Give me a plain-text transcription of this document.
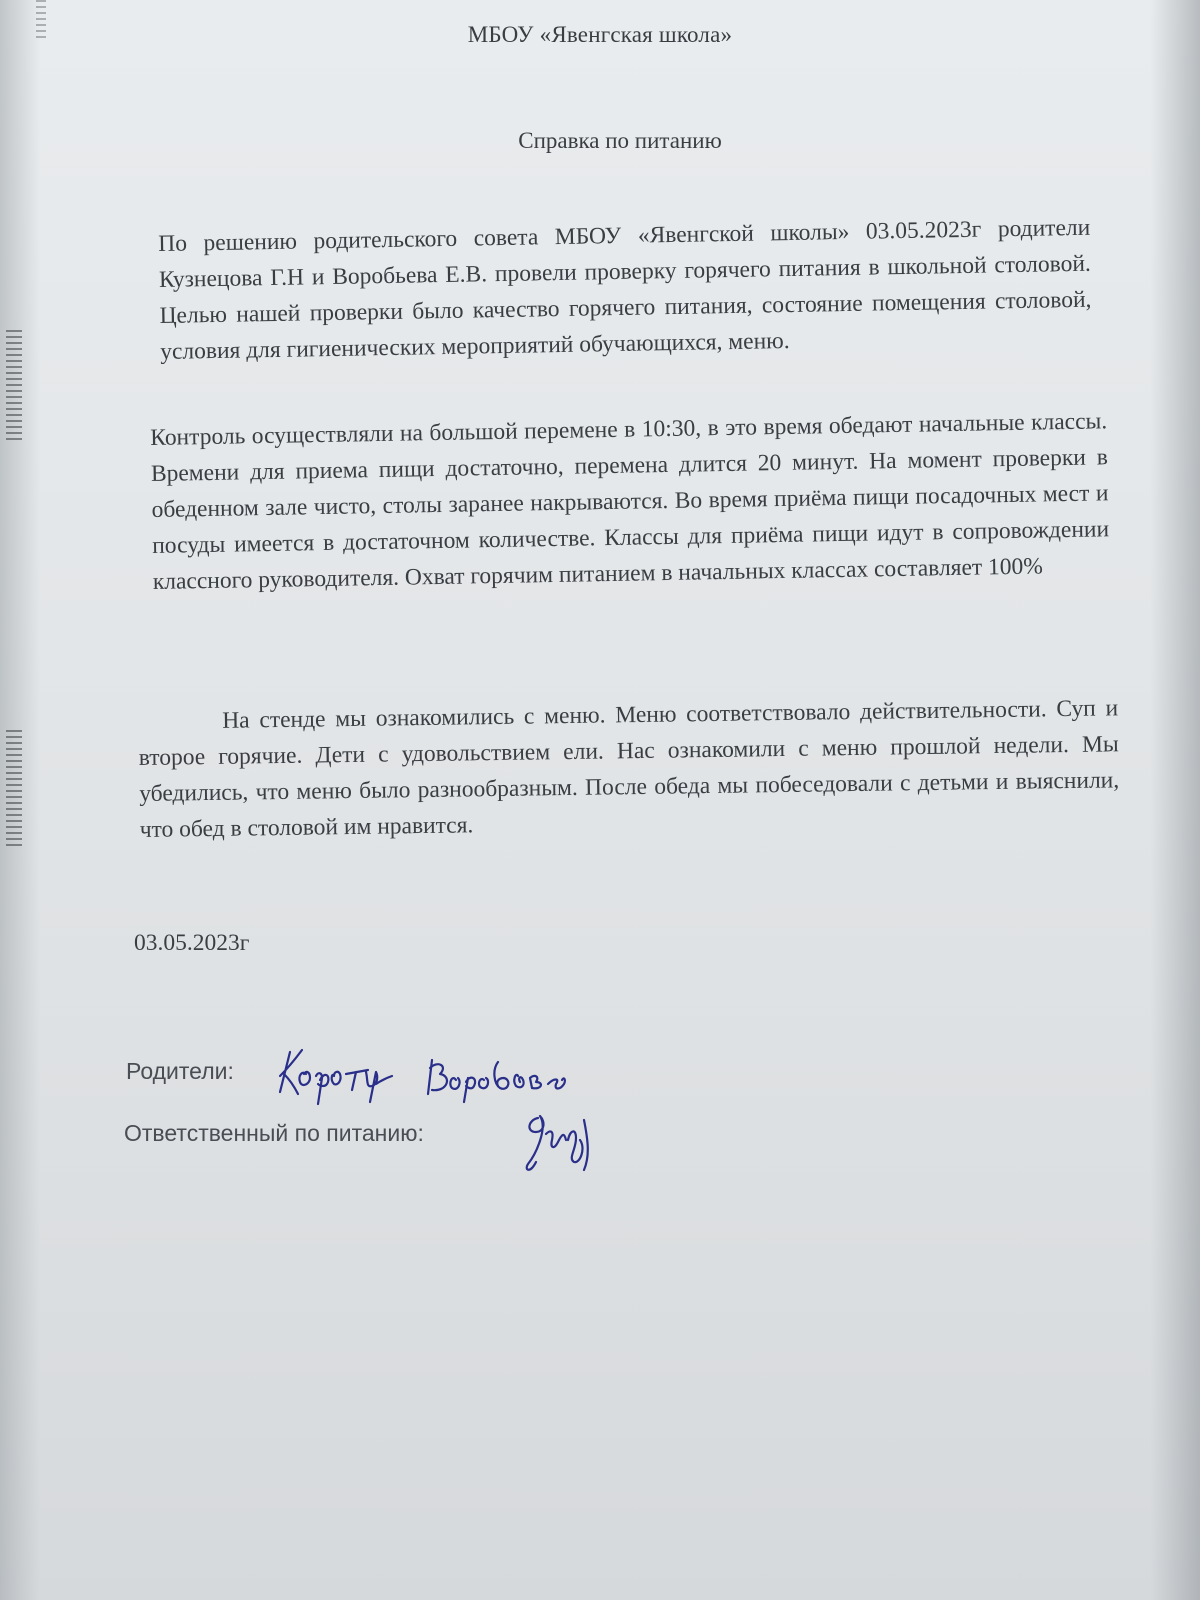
МБОУ «Явенгская школа»
Справка по питанию

По решению родительского совета МБОУ «Явенгской школы» 03.05.2023г родители Кузнецова Г.Н и Воробьева Е.В. провели проверку горячего питания в школьной столовой. Целью нашей проверки было качество горячего питания, состояние помещения столовой, условия для гигиенических мероприятий обучающихся, меню.

Контроль осуществляли на большой перемене в 10:30, в это время обедают начальные классы. Времени для приема пищи достаточно, перемена длится 20 минут. На момент проверки в обеденном зале чисто, столы заранее накрываются. Во время приёма пищи посадочных мест и посуды имеется в достаточном количестве. Классы для приёма пищи идут в сопровождении классного руководителя. Охват горячим питанием в начальных классах составляет 100%

На стенде мы ознакомились с меню. Меню соответствовало действительности. Суп и второе горячие. Дети с удовольствием ели. Нас ознакомили с меню прошлой недели. Мы убедились, что меню было разнообразным. После обеда мы побеседовали с детьми и выяснили, что обед в столовой им нравится.

03.05.2023г
Родители:
Ответственный по питанию:
